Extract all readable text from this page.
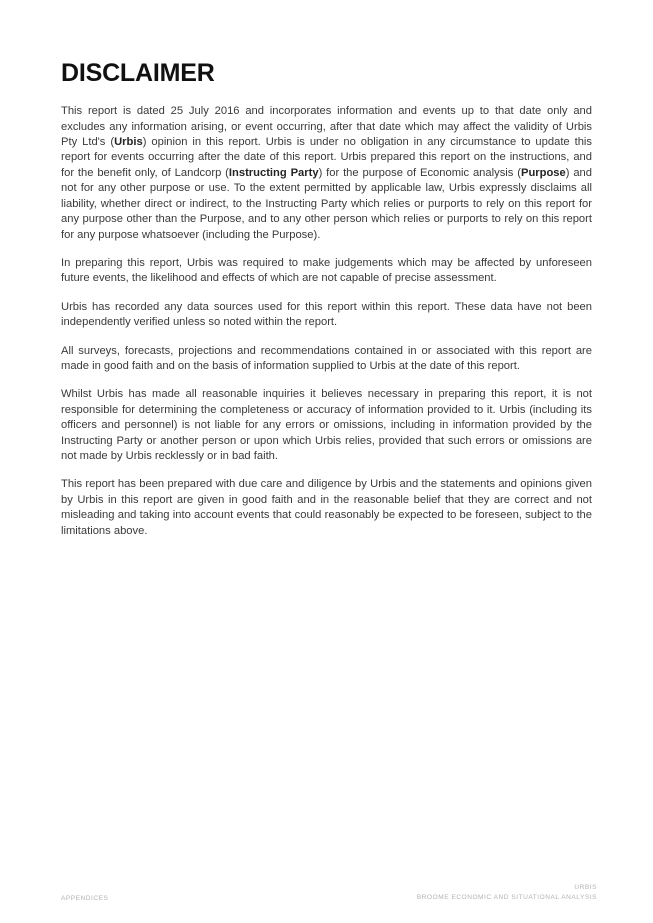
DISCLAIMER

This report is dated 25 July 2016 and incorporates information and events up to that date only and excludes any information arising, or event occurring, after that date which may affect the validity of Urbis Pty Ltd's (Urbis) opinion in this report. Urbis is under no obligation in any circumstance to update this report for events occurring after the date of this report. Urbis prepared this report on the instructions, and for the benefit only, of Landcorp (Instructing Party) for the purpose of Economic analysis (Purpose) and not for any other purpose or use. To the extent permitted by applicable law, Urbis expressly disclaims all liability, whether direct or indirect, to the Instructing Party which relies or purports to rely on this report for any purpose other than the Purpose, and to any other person which relies or purports to rely on this report for any purpose whatsoever (including the Purpose).

In preparing this report, Urbis was required to make judgements which may be affected by unforeseen future events, the likelihood and effects of which are not capable of precise assessment.

Urbis has recorded any data sources used for this report within this report. These data have not been independently verified unless so noted within the report.

All surveys, forecasts, projections and recommendations contained in or associated with this report are made in good faith and on the basis of information supplied to Urbis at the date of this report.

Whilst Urbis has made all reasonable inquiries it believes necessary in preparing this report, it is not responsible for determining the completeness or accuracy of information provided to it. Urbis (including its officers and personnel) is not liable for any errors or omissions, including in information provided by the Instructing Party or another person or upon which Urbis relies, provided that such errors or omissions are not made by Urbis recklessly or in bad faith.

This report has been prepared with due care and diligence by Urbis and the statements and opinions given by Urbis in this report are given in good faith and in the reasonable belief that they are correct and not misleading and taking into account events that could reasonably be expected to be foreseen, subject to the limitations above.

APPENDICES
URBIS
BROOME ECONOMIC AND SITUATIONAL ANALYSIS
